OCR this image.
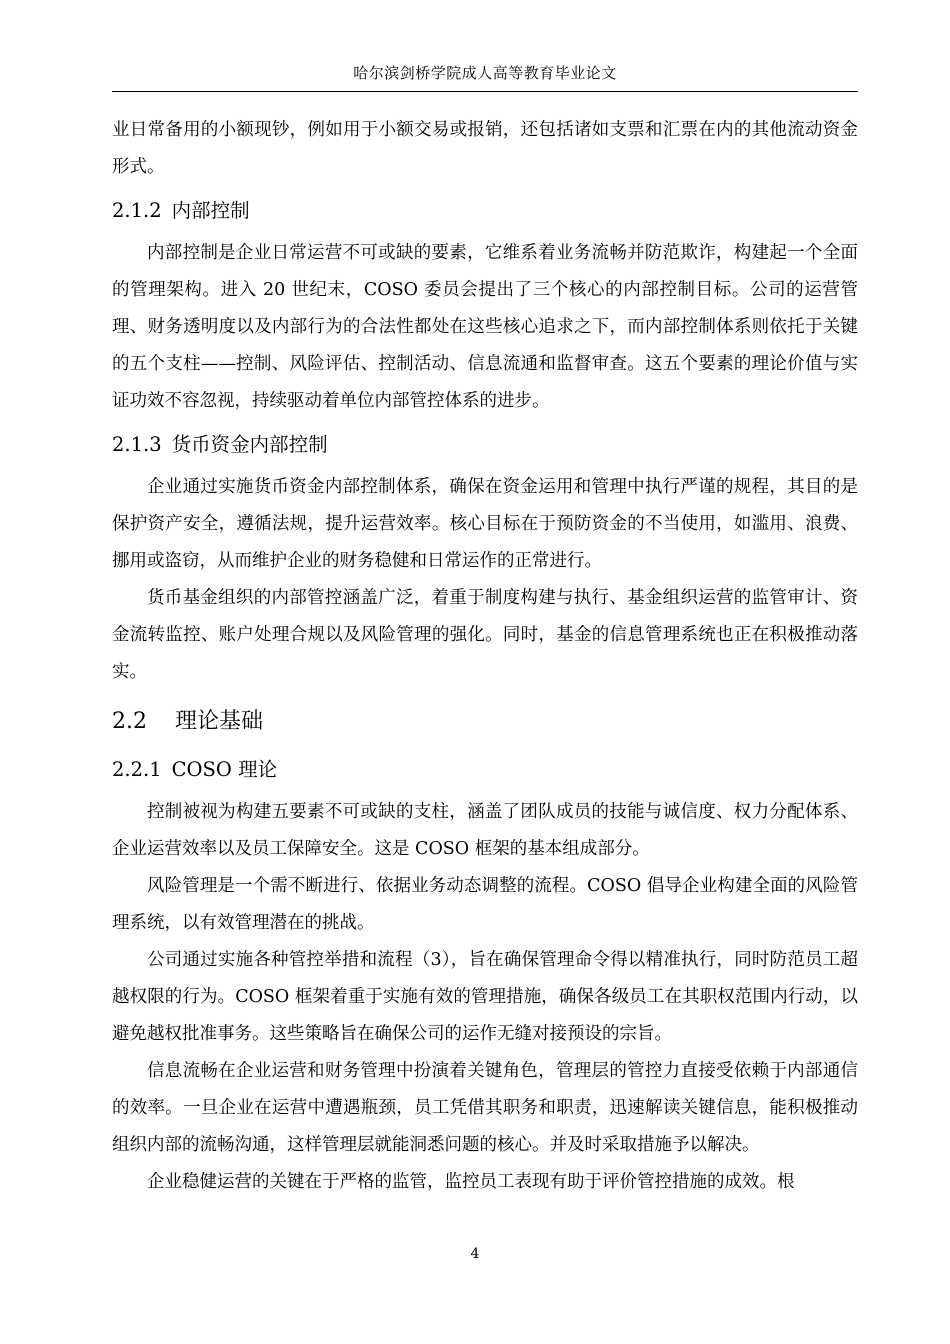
哈尔滨剑桥学院成人高等教育毕业论文

业日常备用的小额现钞，例如用于小额交易或报销，还包括诸如支票和汇票在内的其他流动资金形式。

2.1.2 内部控制

内部控制是企业日常运营不可或缺的要素，它维系着业务流畅并防范欺诈，构建起一个全面的管理架构。进入 20 世纪末，COSO 委员会提出了三个核心的内部控制目标。公司的运营管理、财务透明度以及内部行为的合法性都处在这些核心追求之下，而内部控制体系则依托于关键的五个支柱——控制、风险评估、控制活动、信息流通和监督审查。这五个要素的理论价值与实证功效不容忽视，持续驱动着单位内部管控体系的进步。

2.1.3 货币资金内部控制

企业通过实施货币资金内部控制体系，确保在资金运用和管理中执行严谨的规程，其目的是保护资产安全，遵循法规，提升运营效率。核心目标在于预防资金的不当使用，如滥用、浪费、挪用或盗窃，从而维护企业的财务稳健和日常运作的正常进行。

货币基金组织的内部管控涵盖广泛，着重于制度构建与执行、基金组织运营的监管审计、资金流转监控、账户处理合规以及风险管理的强化。同时，基金的信息管理系统也正在积极推动落实。

2.2 理论基础
2.2.1 COSO 理论

控制被视为构建五要素不可或缺的支柱，涵盖了团队成员的技能与诚信度、权力分配体系、企业运营效率以及员工保障安全。这是 COSO 框架的基本组成部分。

风险管理是一个需不断进行、依据业务动态调整的流程。COSO 倡导企业构建全面的风险管理系统，以有效管理潜在的挑战。

公司通过实施各种管控举措和流程（3），旨在确保管理命令得以精准执行，同时防范员工超越权限的行为。COSO 框架着重于实施有效的管理措施，确保各级员工在其职权范围内行动，以避免越权批准事务。这些策略旨在确保公司的运作无缝对接预设的宗旨。

信息流畅在企业运营和财务管理中扮演着关键角色，管理层的管控力直接受依赖于内部通信的效率。一旦企业在运营中遭遇瓶颈，员工凭借其职务和职责，迅速解读关键信息，能积极推动组织内部的流畅沟通，这样管理层就能洞悉问题的核心。并及时采取措施予以解决。

企业稳健运营的关键在于严格的监管，监控员工表现有助于评价管控措施的成效。根

4
